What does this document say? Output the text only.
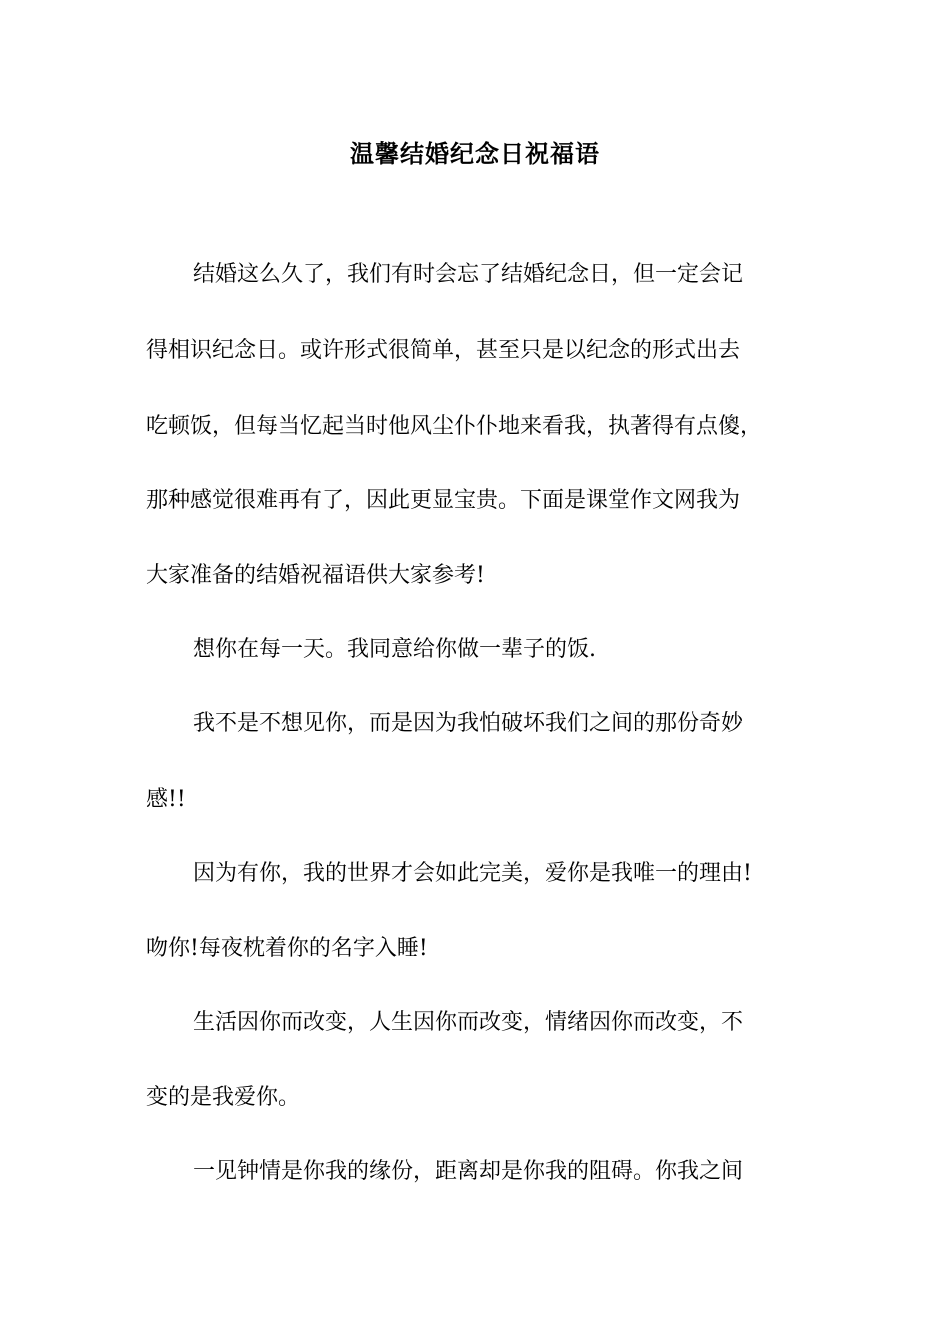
温馨结婚纪念日祝福语

结婚这么久了，我们有时会忘了结婚纪念日，但一定会记

得相识纪念日。或许形式很简单，甚至只是以纪念的形式出去

吃顿饭，但每当忆起当时他风尘仆仆地来看我，执著得有点傻，

那种感觉很难再有了，因此更显宝贵。下面是课堂作文网我为

大家准备的结婚祝福语供大家参考!

想你在每一天。我同意给你做一辈子的饭.

我不是不想见你，而是因为我怕破坏我们之间的那份奇妙

感!!

因为有你，我的世界才会如此完美，爱你是我唯一的理由!

吻你!每夜枕着你的名字入睡!

生活因你而改变，人生因你而改变，情绪因你而改变，不

变的是我爱你。

一见钟情是你我的缘份，距离却是你我的阻碍。你我之间
